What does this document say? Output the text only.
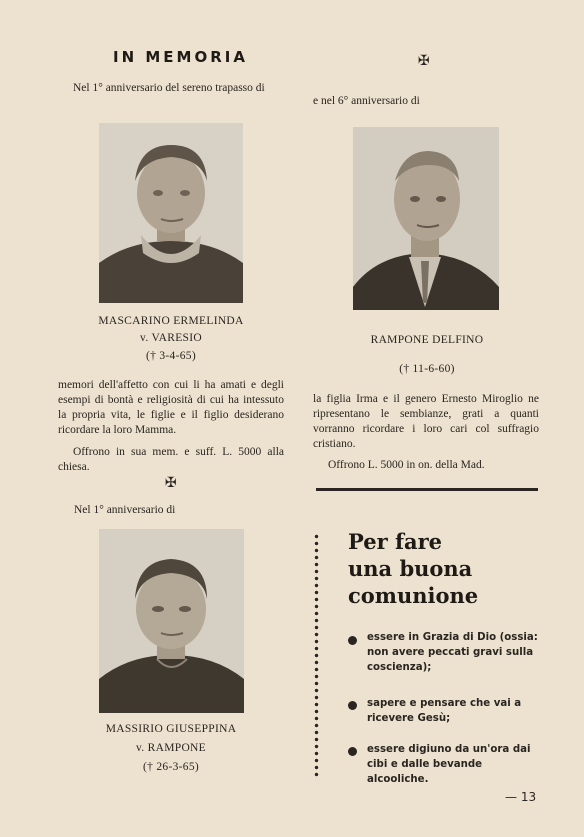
IN MEMORIA	✠
Nel 1° anniversario del sereno trapasso di
MASCARINO ERMELINDA
v. VARESIO
(† 3-4-65)
memori dell'affetto con cui li ha amati e degli esempi di bontà e religiosità di cui ha intessuto la propria vita, le figlie e il figlio desiderano ricordare la loro Mamma.
Offrono in sua mem. e suff. L. 5000 alla chiesa.
✠
Nel 1° anniversario di
MASSIRIO GIUSEPPINA
v. RAMPONE
(† 26-3-65)
e nel 6° anniversario di
RAMPONE DELFINO
(† 11-6-60)
la figlia Irma e il genero Ernesto Miroglio ne ripresentano le sembianze, grati a quanti vorranno ricordare i loro cari col suffragio cristiano.
Offrono L. 5000 in on. della Mad.
Per fare
una buona
comunione
essere in Grazia di Dio (ossia: non avere peccati gravi sulla coscienza);
sapere e pensare che vai a ricevere Gesù;
essere digiuno da un'ora dai cibi e dalle bevande alcooliche.
— 13
